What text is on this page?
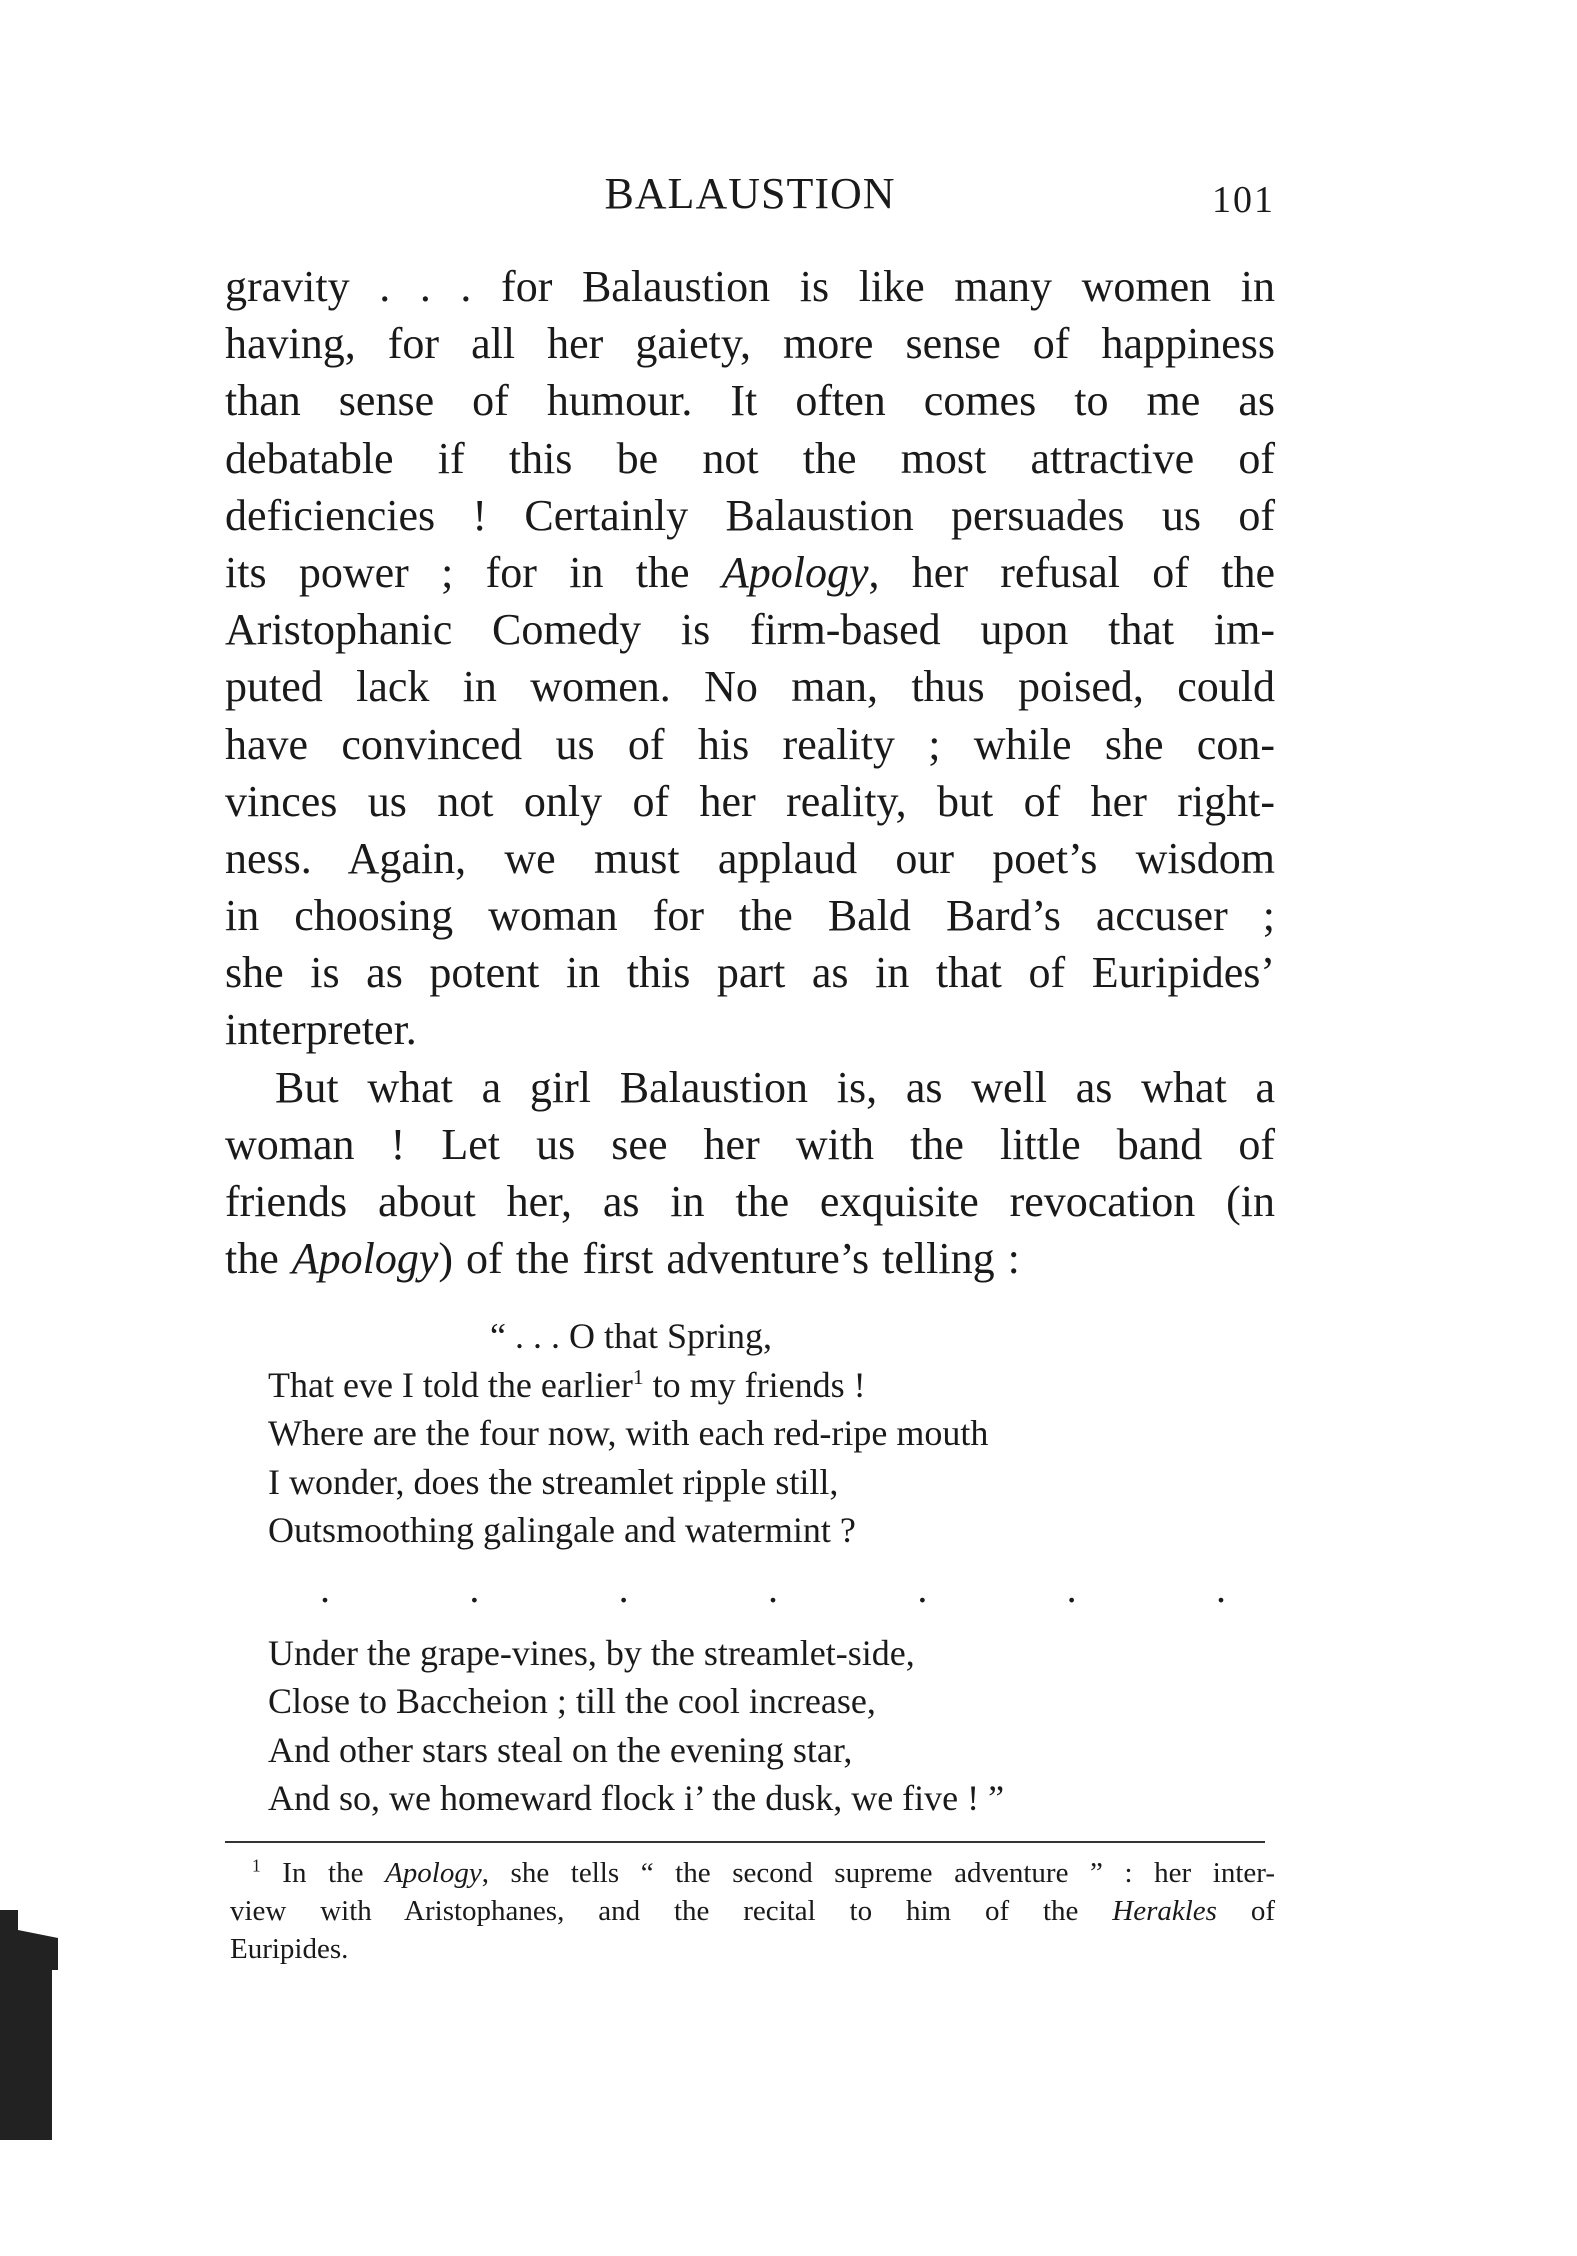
BALAUSTION	101
gravity . . . for Balaustion is like many women in
having, for all her gaiety, more sense of happiness
than sense of humour. It often comes to me as
debatable if this be not the most attractive of
deficiencies ! Certainly Balaustion persuades us of
its power ; for in the Apology, her refusal of the
Aristophanic Comedy is firm-based upon that im-
puted lack in women. No man, thus poised, could
have convinced us of his reality ; while she con-
vinces us not only of her reality, but of her right-
ness. Again, we must applaud our poet’s wisdom
in choosing woman for the Bald Bard’s accuser ;
she is as potent in this part as in that of Euripides’
interpreter.
But what a girl Balaustion is, as well as what a
woman ! Let us see her with the little band of
friends about her, as in the exquisite revocation (in
the Apology) of the first adventure’s telling :
“ . . . O that Spring,
That eve I told the earlier$^1$ to my friends !
Where are the four now, with each red-ripe mouth
I wonder, does the streamlet ripple still,
Outsmoothing galingale and watermint ?
.	.	.	.	.	.	.
Under the grape-vines, by the streamlet-side,
Close to Baccheion ; till the cool increase,
And other stars steal on the evening star,
And so, we homeward flock i’ the dusk, we five ! ”
$^1$ In the Apology, she tells “ the second supreme adventure ” : her inter-
view with Aristophanes, and the recital to him of the Herakles of
Euripides.
